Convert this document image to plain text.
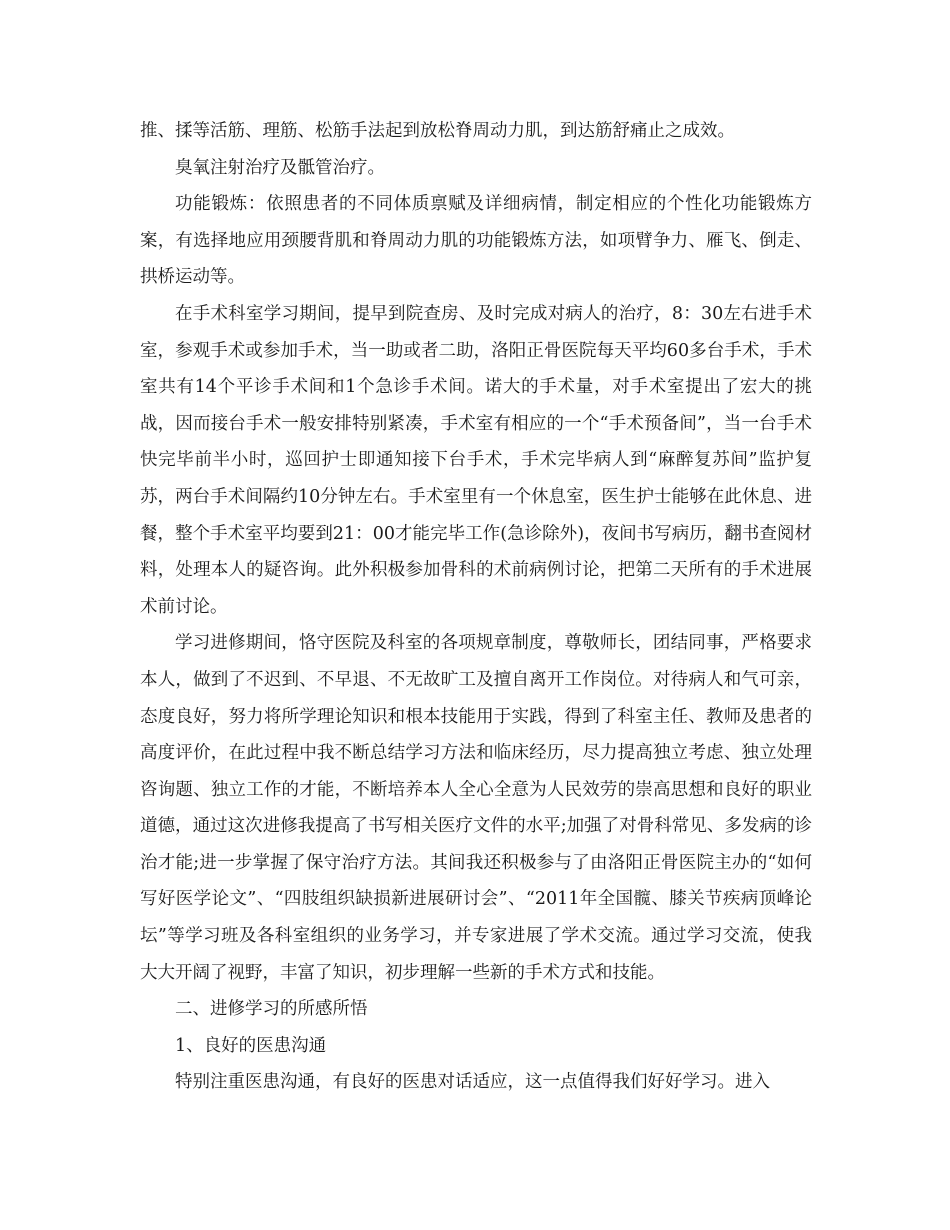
推、揉等活筋、理筋、松筋手法起到放松脊周动力肌，到达筋舒痛止之成效。

臭氧注射治疗及骶管治疗。

功能锻炼：依照患者的不同体质禀赋及详细病情，制定相应的个性化功能锻炼方案，有选择地应用颈腰背肌和脊周动力肌的功能锻炼方法，如项臂争力、雁飞、倒走、拱桥运动等。

在手术科室学习期间，提早到院查房、及时完成对病人的治疗，8：30左右进手术室，参观手术或参加手术，当一助或者二助，洛阳正骨医院每天平均60多台手术，手术室共有14个平诊手术间和1个急诊手术间。诺大的手术量，对手术室提出了宏大的挑战，因而接台手术一般安排特别紧凑，手术室有相应的一个“手术预备间”，当一台手术快完毕前半小时，巡回护士即通知接下台手术，手术完毕病人到“麻醉复苏间”监护复苏，两台手术间隔约10分钟左右。手术室里有一个休息室，医生护士能够在此休息、进餐，整个手术室平均要到21：00才能完毕工作(急诊除外)，夜间书写病历，翻书查阅材料，处理本人的疑咨询。此外积极参加骨科的术前病例讨论，把第二天所有的手术进展术前讨论。

学习进修期间，恪守医院及科室的各项规章制度，尊敬师长，团结同事，严格要求本人，做到了不迟到、不早退、不无故旷工及擅自离开工作岗位。对待病人和气可亲，态度良好，努力将所学理论知识和根本技能用于实践，得到了科室主任、教师及患者的高度评价，在此过程中我不断总结学习方法和临床经历，尽力提高独立考虑、独立处理咨询题、独立工作的才能，不断培养本人全心全意为人民效劳的崇高思想和良好的职业道德，通过这次进修我提高了书写相关医疗文件的水平;加强了对骨科常见、多发病的诊治才能;进一步掌握了保守治疗方法。其间我还积极参与了由洛阳正骨医院主办的“如何写好医学论文”、“四肢组织缺损新进展研讨会”、“2011年全国髋、膝关节疾病顶峰论坛”等学习班及各科室组织的业务学习，并专家进展了学术交流。通过学习交流，使我大大开阔了视野，丰富了知识，初步理解一些新的手术方式和技能。

二、进修学习的所感所悟

1、良好的医患沟通

特别注重医患沟通，有良好的医患对话适应，这一点值得我们好好学习。进入
